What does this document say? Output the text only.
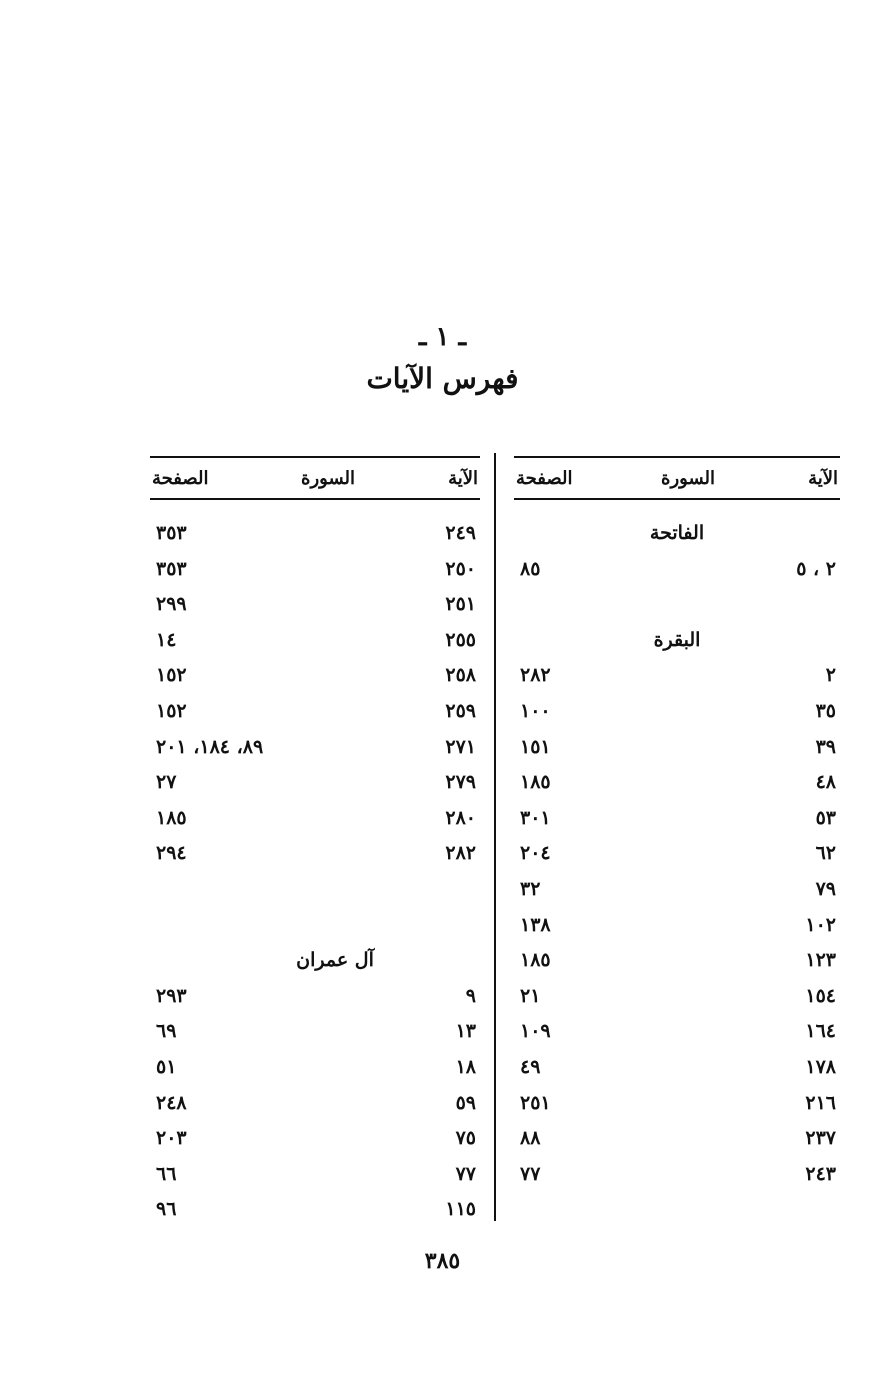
ـ ١ ـ
فهرس الآيات
الآية
السورة
الصفحة
الفاتحة
٢ ، ٥
٨٥
البقرة
٢
٢٨٢
٣٥
١٠٠
٣٩
١٥١
٤٨
١٨٥
٥٣
٣٠١
٦٢
٢٠٤
٧٩
٣٢
١٠٢
١٣٨
١٢٣
١٨٥
١٥٤
٢١
١٦٤
١٠٩
١٧٨
٤٩
٢١٦
٢٥١
٢٣٧
٨٨
٢٤٣
٧٧
الآية
السورة
الصفحة
٢٤٩
٣٥٣
٢٥٠
٣٥٣
٢٥١
٢٩٩
٢٥٥
١٤
٢٥٨
١٥٢
٢٥٩
١٥٢
٢٧١
٨٩، ١٨٤، ٢٠١
٢٧٩
٢٧
٢٨٠
١٨٥
٢٨٢
٢٩٤
آل عمران
٩
٢٩٣
١٣
٦٩
١٨
٥١
٥٩
٢٤٨
٧٥
٢٠٣
٧٧
٦٦
١١٥
٩٦
٣٨٥
